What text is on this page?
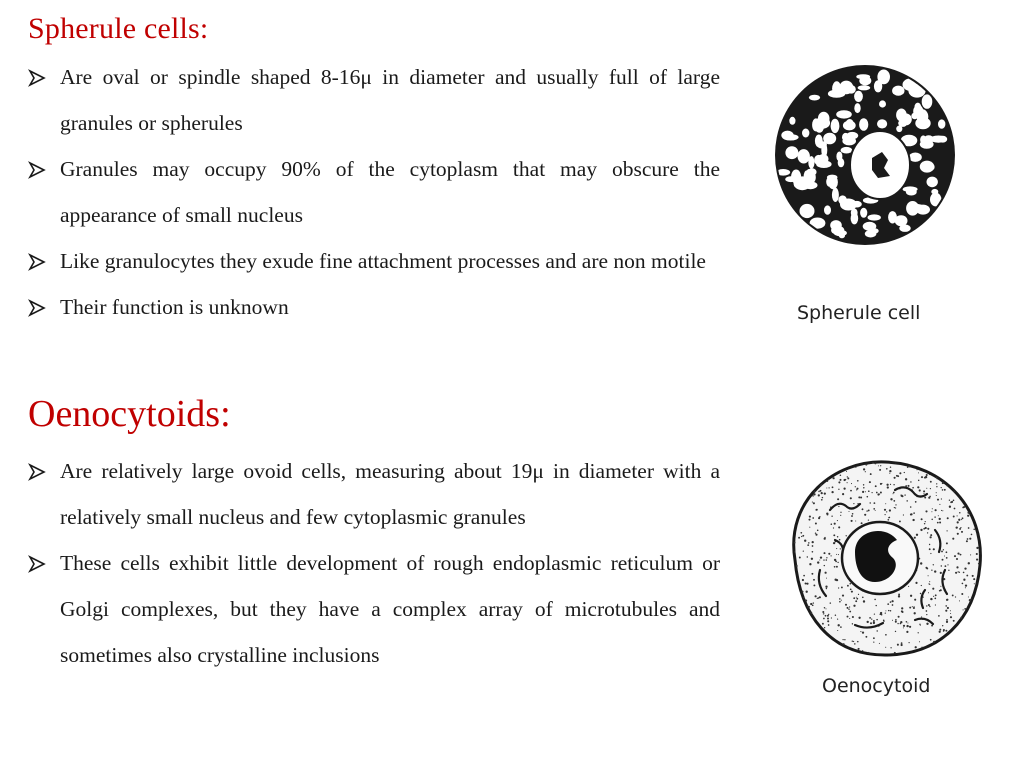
Spherule cells:
Are oval or spindle shaped 8-16μ in diameter and usually full of large granules or spherules
Granules may occupy 90% of the cytoplasm that may obscure the appearance of small nucleus
Like granulocytes they exude fine attachment processes and are non motile
Their function is unknown
Oenocytoids:
Are relatively large ovoid cells, measuring about 19μ in diameter with a relatively small nucleus and few cytoplasmic granules
These cells exhibit little development of rough endoplasmic reticulum or Golgi complexes, but they have a complex array of microtubules and sometimes also crystalline inclusions
Spherule cell
Oenocytoid
